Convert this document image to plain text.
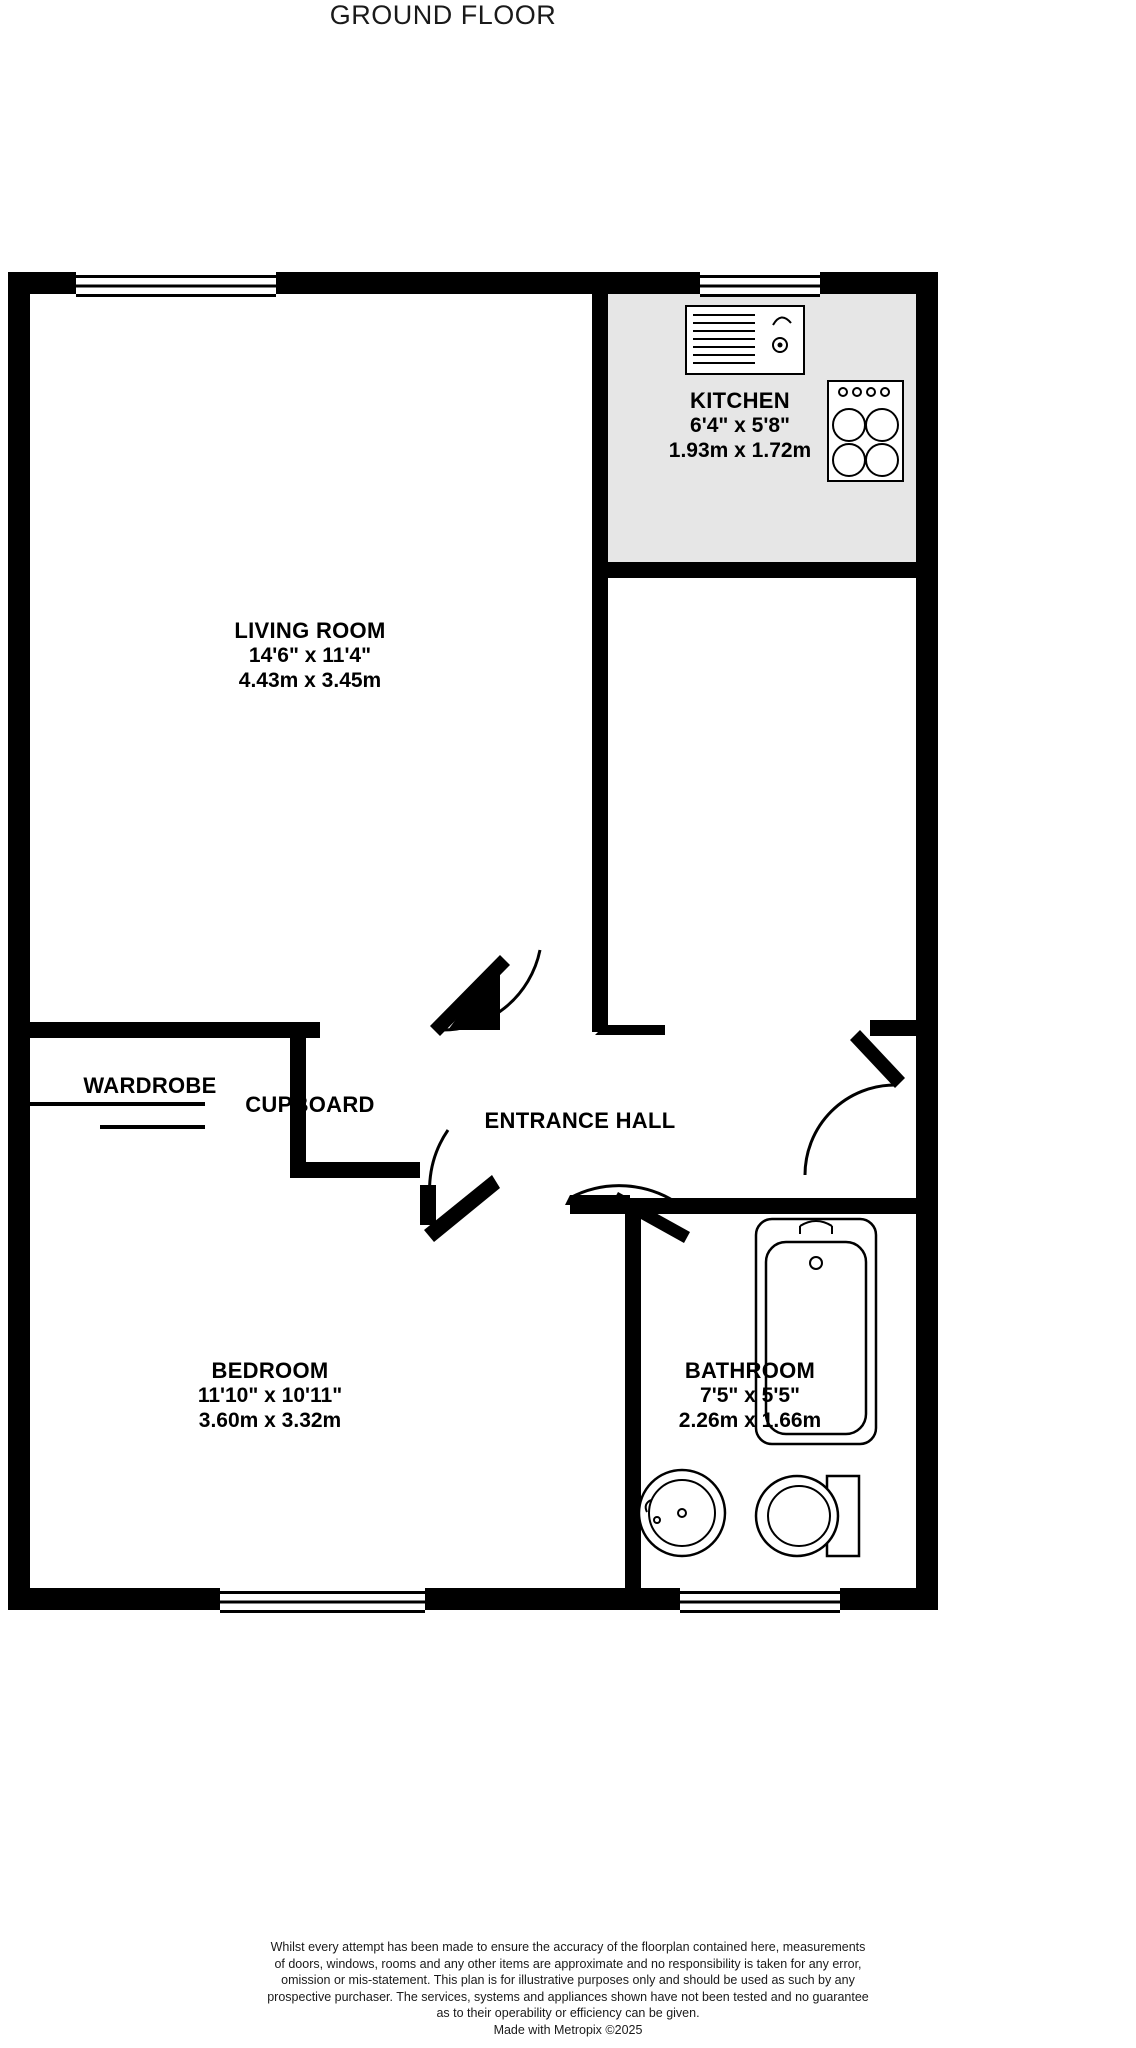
GROUND FLOOR
KITCHEN
6'4" x 5'8"
1.93m x 1.72m
LIVING ROOM
14'6" x 11'4"
4.43m x 3.45m
WARDROBE
CUPBOARD
ENTRANCE HALL
BEDROOM
11'10" x 10'11"
3.60m x 3.32m
BATHROOM
7'5" x 5'5"
2.26m x 1.66m
Whilst every attempt has been made to ensure the accuracy of the floorplan contained here, measurements
of doors, windows, rooms and any other items are approximate and no responsibility is taken for any error,
omission or mis-statement. This plan is for illustrative purposes only and should be used as such by any
prospective purchaser. The services, systems and appliances shown have not been tested and no guarantee
as to their operability or efficiency can be given.
Made with Metropix ©2025
